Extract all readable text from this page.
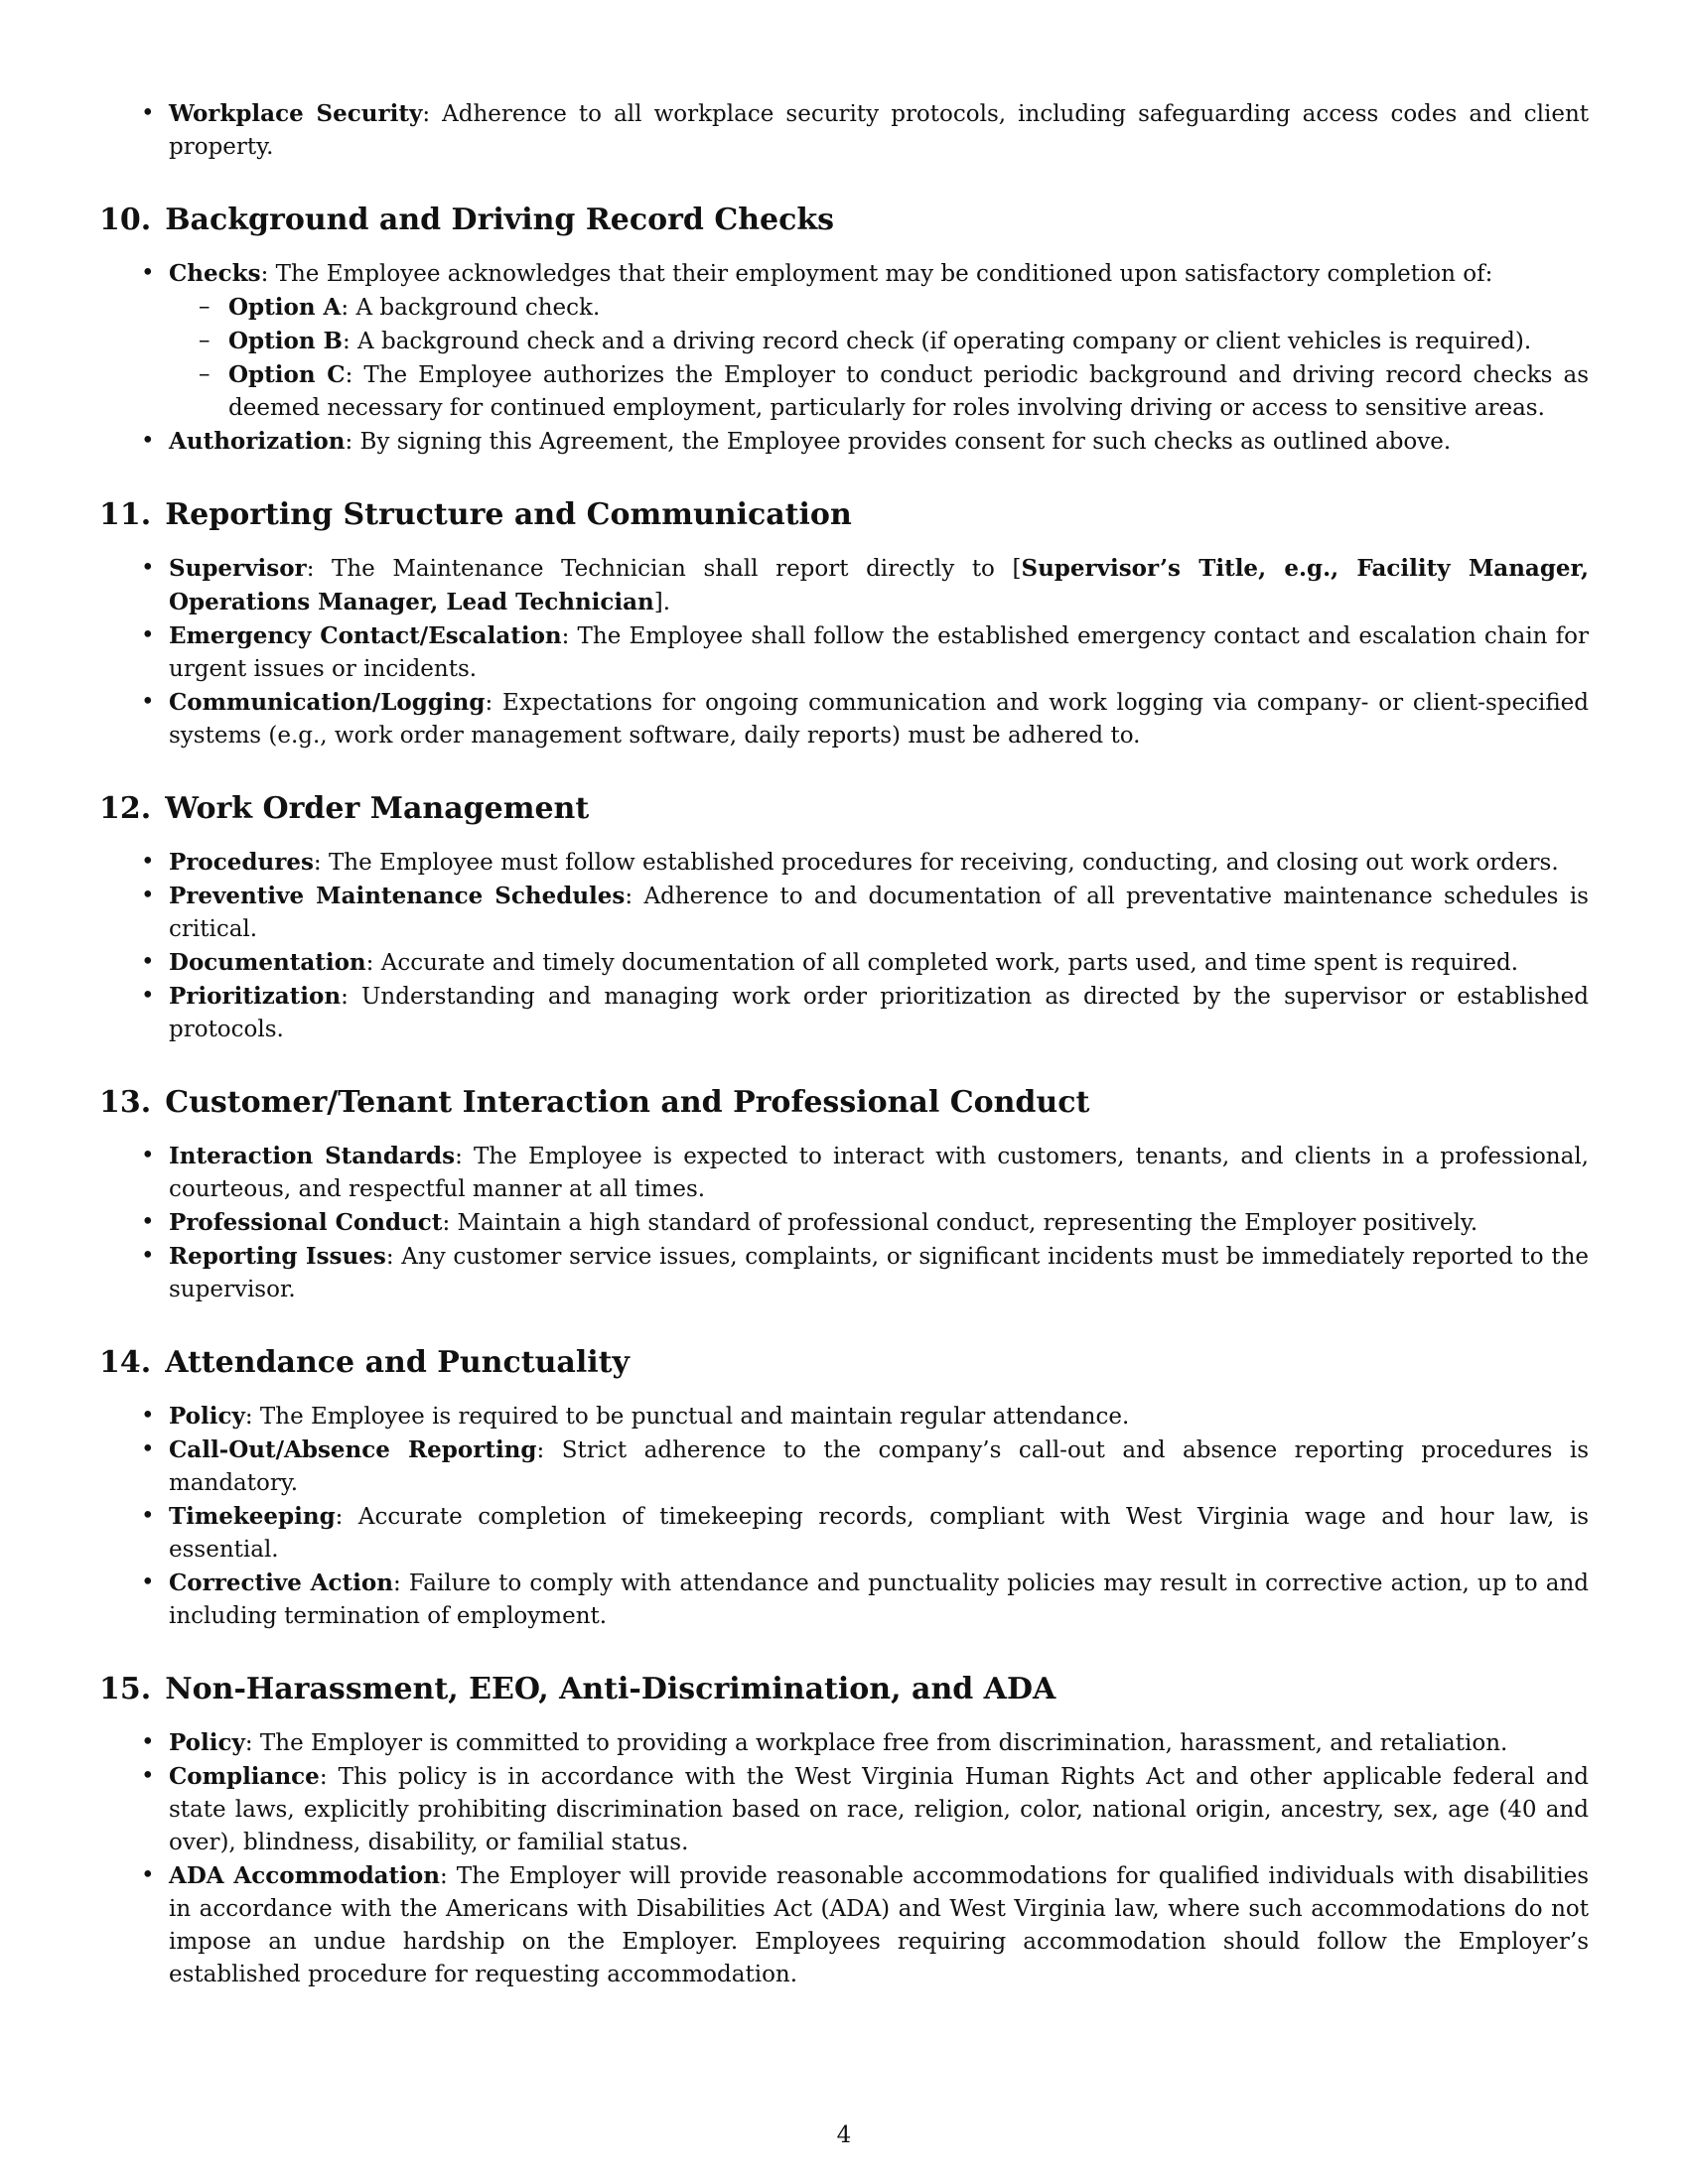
• Workplace Security: Adherence to all workplace security protocols, including safeguarding access codes and client property.
10. Background and Driving Record Checks
• Checks: The Employee acknowledges that their employment may be conditioned upon satisfactory completion of:
– Option A: A background check.
– Option B: A background check and a driving record check (if operating company or client vehicles is required).
– Option C: The Employee authorizes the Employer to conduct periodic background and driving record checks as deemed necessary for continued employment, particularly for roles involving driving or access to sensitive areas.
• Authorization: By signing this Agreement, the Employee provides consent for such checks as outlined above.
11. Reporting Structure and Communication
• Supervisor: The Maintenance Technician shall report directly to [Supervisor’s Title, e.g., Facility Manager, Operations Manager, Lead Technician].
• Emergency Contact/Escalation: The Employee shall follow the established emergency contact and escalation chain for urgent issues or incidents.
• Communication/Logging: Expectations for ongoing communication and work logging via company- or client-specified systems (e.g., work order management software, daily reports) must be adhered to.
12. Work Order Management
• Procedures: The Employee must follow established procedures for receiving, conducting, and closing out work orders.
• Preventive Maintenance Schedules: Adherence to and documentation of all preventative maintenance schedules is critical.
• Documentation: Accurate and timely documentation of all completed work, parts used, and time spent is required.
• Prioritization: Understanding and managing work order prioritization as directed by the supervisor or established protocols.
13. Customer/Tenant Interaction and Professional Conduct
• Interaction Standards: The Employee is expected to interact with customers, tenants, and clients in a professional, courteous, and respectful manner at all times.
• Professional Conduct: Maintain a high standard of professional conduct, representing the Employer positively.
• Reporting Issues: Any customer service issues, complaints, or significant incidents must be immediately reported to the supervisor.
14. Attendance and Punctuality
• Policy: The Employee is required to be punctual and maintain regular attendance.
• Call-Out/Absence Reporting: Strict adherence to the company’s call-out and absence reporting procedures is mandatory.
• Timekeeping: Accurate completion of timekeeping records, compliant with West Virginia wage and hour law, is essential.
• Corrective Action: Failure to comply with attendance and punctuality policies may result in corrective action, up to and including termination of employment.
15. Non-Harassment, EEO, Anti-Discrimination, and ADA
• Policy: The Employer is committed to providing a workplace free from discrimination, harassment, and retaliation.
• Compliance: This policy is in accordance with the West Virginia Human Rights Act and other applicable federal and state laws, explicitly prohibiting discrimination based on race, religion, color, national origin, ancestry, sex, age (40 and over), blindness, disability, or familial status.
• ADA Accommodation: The Employer will provide reasonable accommodations for qualified individuals with disabilities in accordance with the Americans with Disabilities Act (ADA) and West Virginia law, where such accommodations do not impose an undue hardship on the Employer. Employees requiring accommodation should follow the Employer’s established procedure for requesting accommodation.
4
